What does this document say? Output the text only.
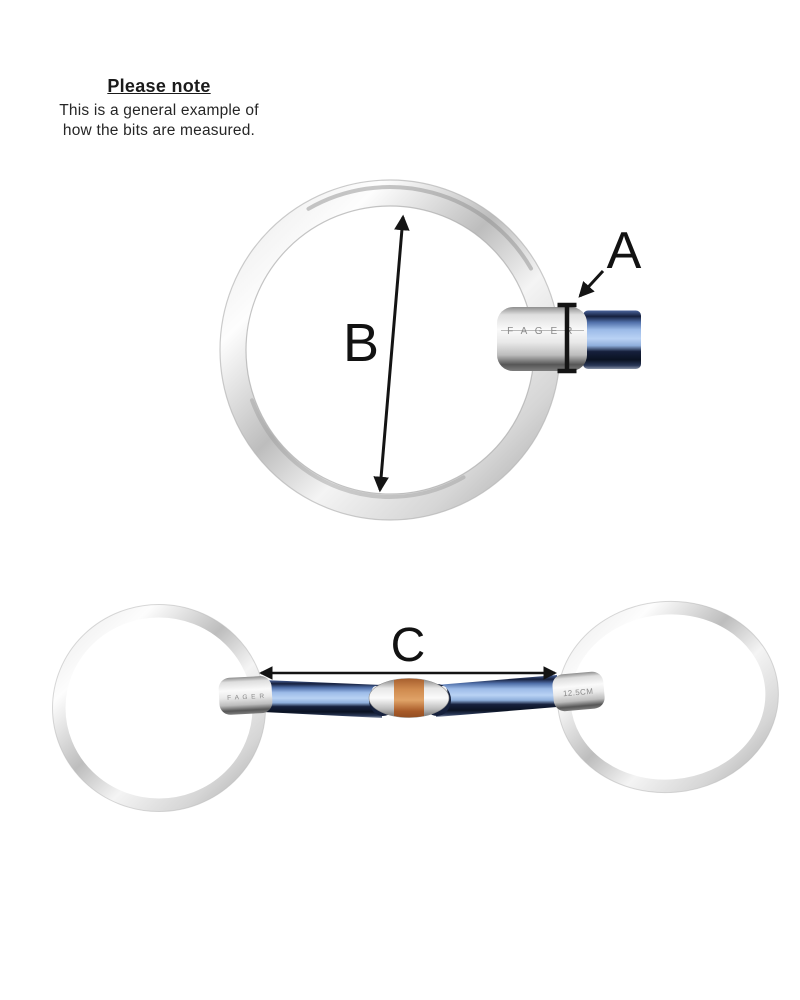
Please note
This is a general example of
how the bits are measured.
F A G E R
A
B
F A G E R	12.5CM
C
